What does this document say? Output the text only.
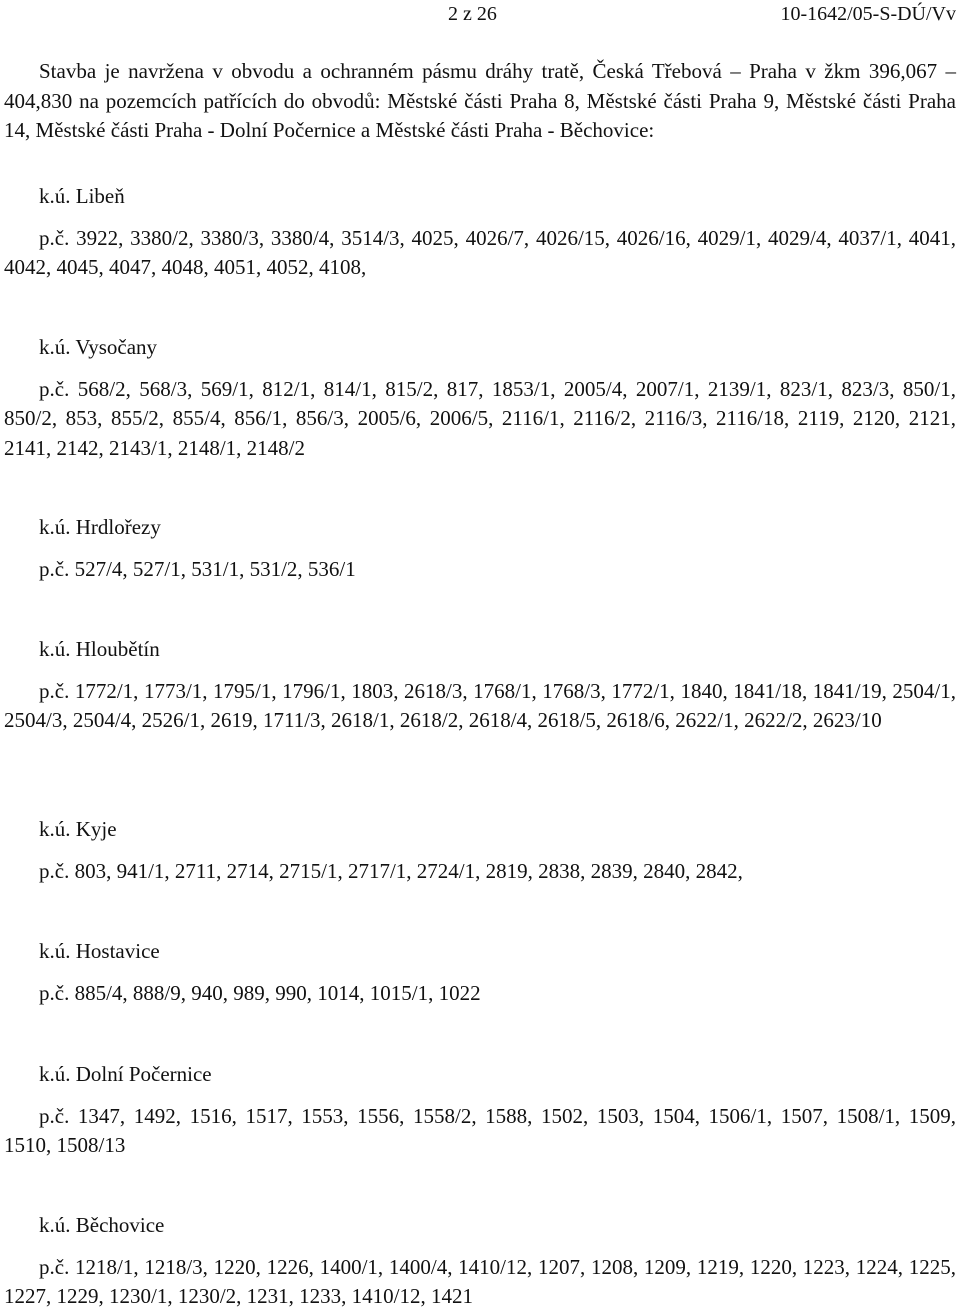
2 z 26	10-1642/05-S-DÚ/Vv

Stavba je navržena v obvodu a ochranném pásmu dráhy tratě, Česká Třebová – Praha v žkm 396,067 – 404,830 na pozemcích patřících do obvodů: Městské části Praha 8, Městské části Praha 9, Městské části Praha 14, Městské části Praha - Dolní Počernice a Městské části Praha - Běchovice:

k.ú. Libeň

p.č. 3922, 3380/2, 3380/3, 3380/4, 3514/3, 4025, 4026/7, 4026/15, 4026/16, 4029/1, 4029/4, 4037/1, 4041, 4042, 4045, 4047, 4048, 4051, 4052, 4108,

k.ú. Vysočany

p.č. 568/2, 568/3, 569/1, 812/1, 814/1, 815/2, 817, 1853/1, 2005/4, 2007/1, 2139/1, 823/1, 823/3, 850/1, 850/2, 853, 855/2, 855/4, 856/1, 856/3, 2005/6, 2006/5, 2116/1, 2116/2, 2116/3, 2116/18, 2119, 2120, 2121, 2141, 2142, 2143/1, 2148/1, 2148/2

k.ú. Hrdlořezy

p.č. 527/4, 527/1, 531/1, 531/2, 536/1

k.ú. Hloubětín

p.č. 1772/1, 1773/1, 1795/1, 1796/1, 1803, 2618/3, 1768/1, 1768/3, 1772/1, 1840, 1841/18, 1841/19, 2504/1, 2504/3, 2504/4, 2526/1, 2619, 1711/3, 2618/1, 2618/2, 2618/4, 2618/5, 2618/6, 2622/1, 2622/2, 2623/10

k.ú. Kyje

p.č. 803, 941/1, 2711, 2714, 2715/1, 2717/1, 2724/1, 2819, 2838, 2839, 2840, 2842,

k.ú. Hostavice

p.č. 885/4, 888/9, 940, 989, 990, 1014, 1015/1, 1022

k.ú. Dolní Počernice

p.č. 1347, 1492, 1516, 1517, 1553, 1556, 1558/2, 1588, 1502, 1503, 1504, 1506/1, 1507, 1508/1, 1509, 1510, 1508/13

k.ú. Běchovice

p.č. 1218/1, 1218/3, 1220, 1226, 1400/1, 1400/4, 1410/12, 1207, 1208, 1209, 1219, 1220, 1223, 1224, 1225, 1227, 1229, 1230/1, 1230/2, 1231, 1233, 1410/12, 1421
